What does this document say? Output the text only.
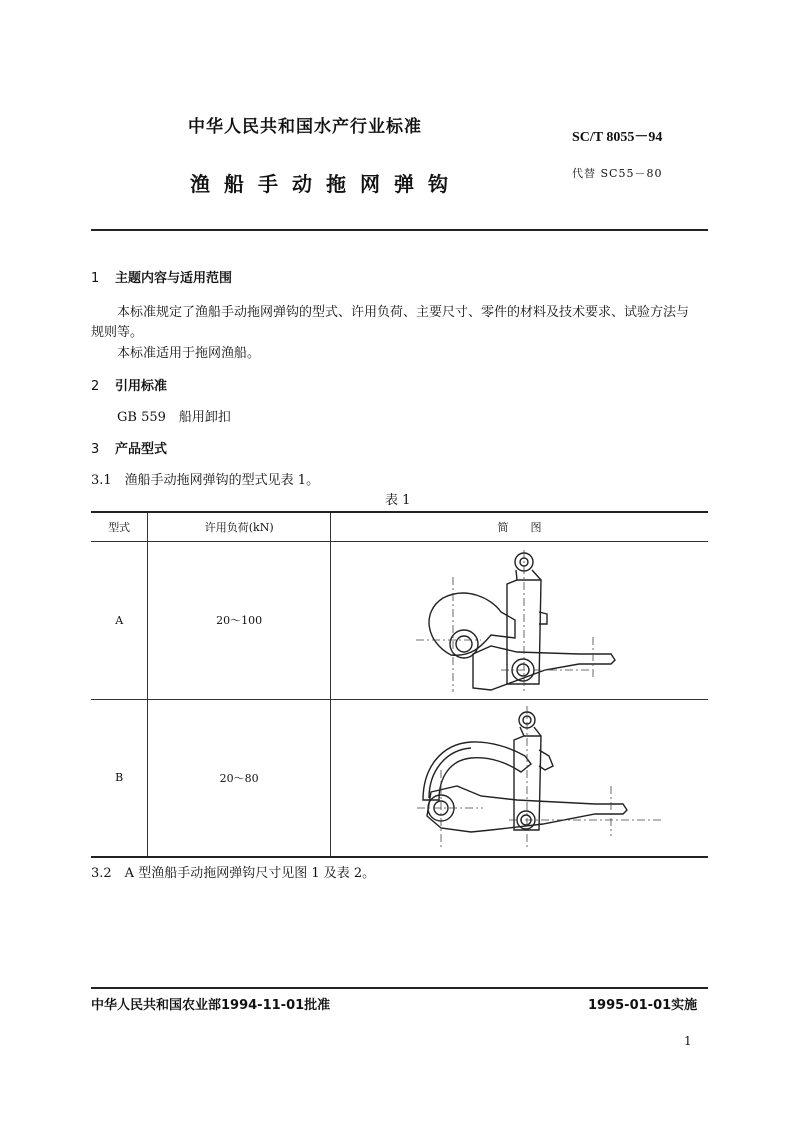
中华人民共和国水产行业标准
SC/T 8055－94
渔船手动拖网弹钩	代替 SC55－80
1 主题内容与适用范围
本标准规定了渔船手动拖网弹钩的型式、许用负荷、主要尺寸、零件的材料及技术要求、试验方法与
规则等。
本标准适用于拖网渔船。
2 引用标准
GB 559　船用卸扣
3 产品型式
3.1　渔船手动拖网弹钩的型式见表 1。
表 1
型式	许用负荷(kN)	简　　图
A	20～100	

B	20～80	
3.2　A 型渔船手动拖网弹钩尺寸见图 1 及表 2。
中华人民共和国农业部1994-11-01批准	1995-01-01实施
1
